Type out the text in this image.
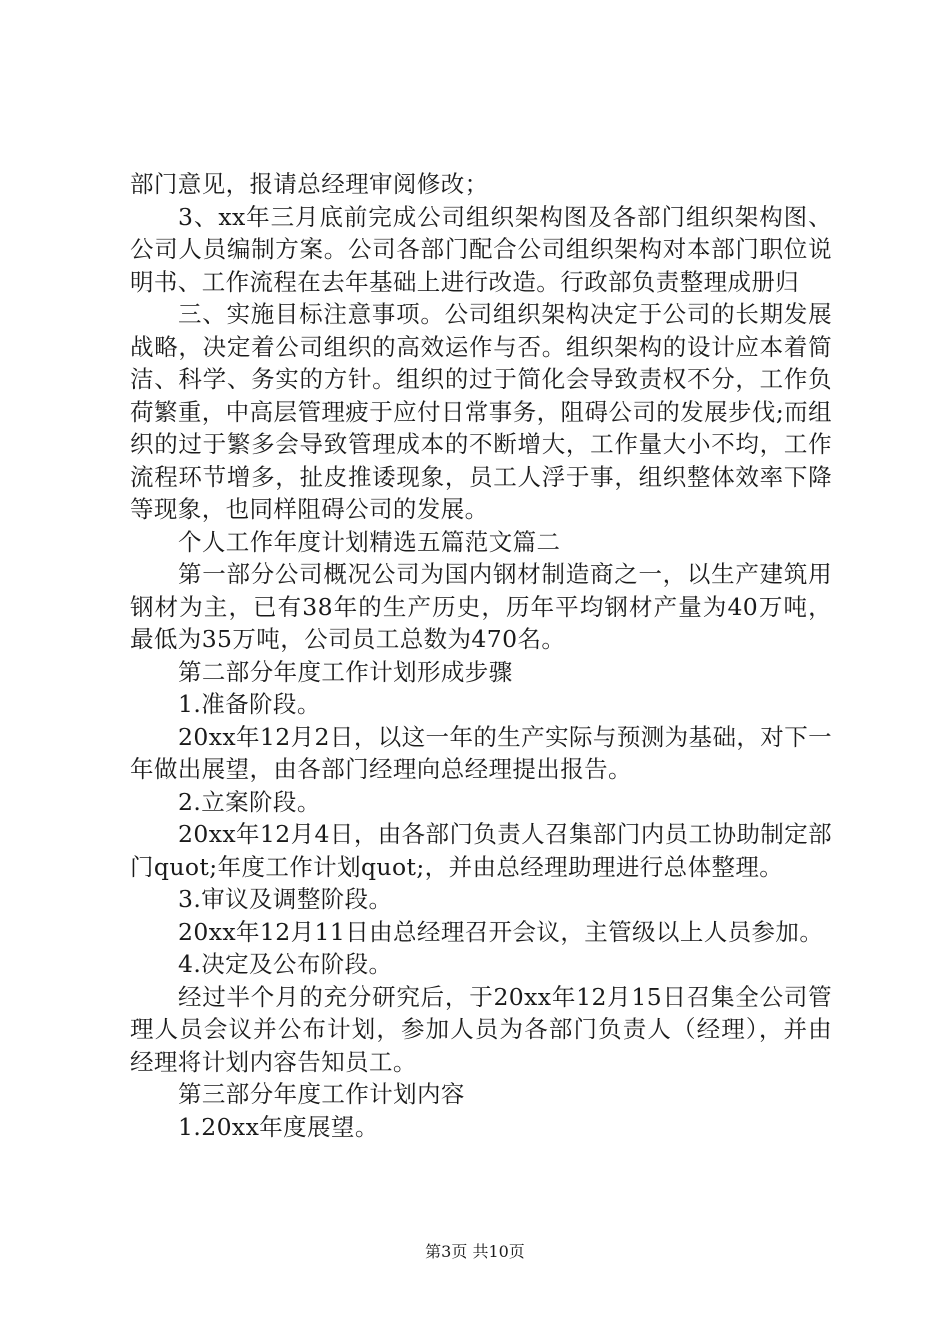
部门意见，报请总经理审阅修改；

3、xx年三月底前完成公司组织架构图及各部门组织架构图、公司人员编制方案。公司各部门配合公司组织架构对本部门职位说明书、工作流程在去年基础上进行改造。行政部负责整理成册归

三、实施目标注意事项。公司组织架构决定于公司的长期发展战略，决定着公司组织的高效运作与否。组织架构的设计应本着简洁、科学、务实的方针。组织的过于简化会导致责权不分，工作负荷繁重，中高层管理疲于应付日常事务，阻碍公司的发展步伐;而组织的过于繁多会导致管理成本的不断增大，工作量大小不均，工作流程环节增多，扯皮推诿现象，员工人浮于事，组织整体效率下降等现象，也同样阻碍公司的发展。

个人工作年度计划精选五篇范文篇二

第一部分公司概况公司为国内钢材制造商之一，以生产建筑用钢材为主，已有38年的生产历史，历年平均钢材产量为40万吨，最低为35万吨，公司员工总数为470名。

第二部分年度工作计划形成步骤

1.准备阶段。

20xx年12月2日，以这一年的生产实际与预测为基础，对下一年做出展望，由各部门经理向总经理提出报告。

2.立案阶段。

20xx年12月4日，由各部门负责人召集部门内员工协助制定部门quot;年度工作计划quot;，并由总经理助理进行总体整理。

3.审议及调整阶段。

20xx年12月11日由总经理召开会议，主管级以上人员参加。

4.决定及公布阶段。

经过半个月的充分研究后，于20xx年12月15日召集全公司管理人员会议并公布计划，参加人员为各部门负责人（经理），并由经理将计划内容告知员工。

第三部分年度工作计划内容

1.20xx年度展望。

第3页 共10页
